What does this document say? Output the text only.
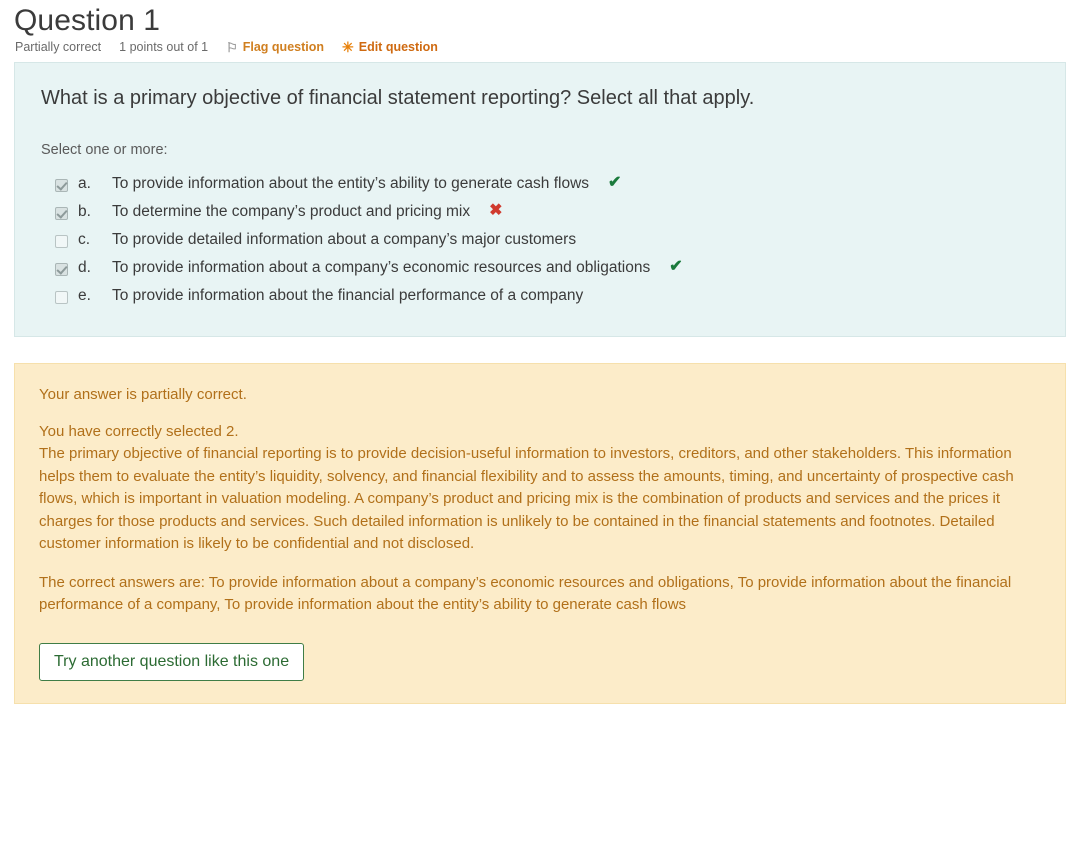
Question 1
Partially correct 1 points out of 1 ⚐ Flag question ✳ Edit question
What is a primary objective of financial statement reporting? Select all that apply.
Select one or more:
a.	To provide information about the entity’s ability to generate cash flows ✔
b.	To determine the company’s product and pricing mix ✖
c.	To provide detailed information about a company’s major customers
d.	To provide information about a company’s economic resources and obligations ✔
e.	To provide information about the financial performance of a company

Your answer is partially correct.

You have correctly selected 2.

The primary objective of financial reporting is to provide decision-useful information to investors, creditors, and other stakeholders. This information helps them to evaluate the entity’s liquidity, solvency, and financial flexibility and to assess the amounts, timing, and uncertainty of prospective cash flows, which is important in valuation modeling. A company’s product and pricing mix is the combination of products and services and the prices it charges for those products and services. Such detailed information is unlikely to be contained in the financial statements and footnotes. Detailed customer information is likely to be confidential and not disclosed.

The correct answers are: To provide information about a company’s economic resources and obligations, To provide information about the financial performance of a company, To provide information about the entity’s ability to generate cash flows

Try another question like this one
